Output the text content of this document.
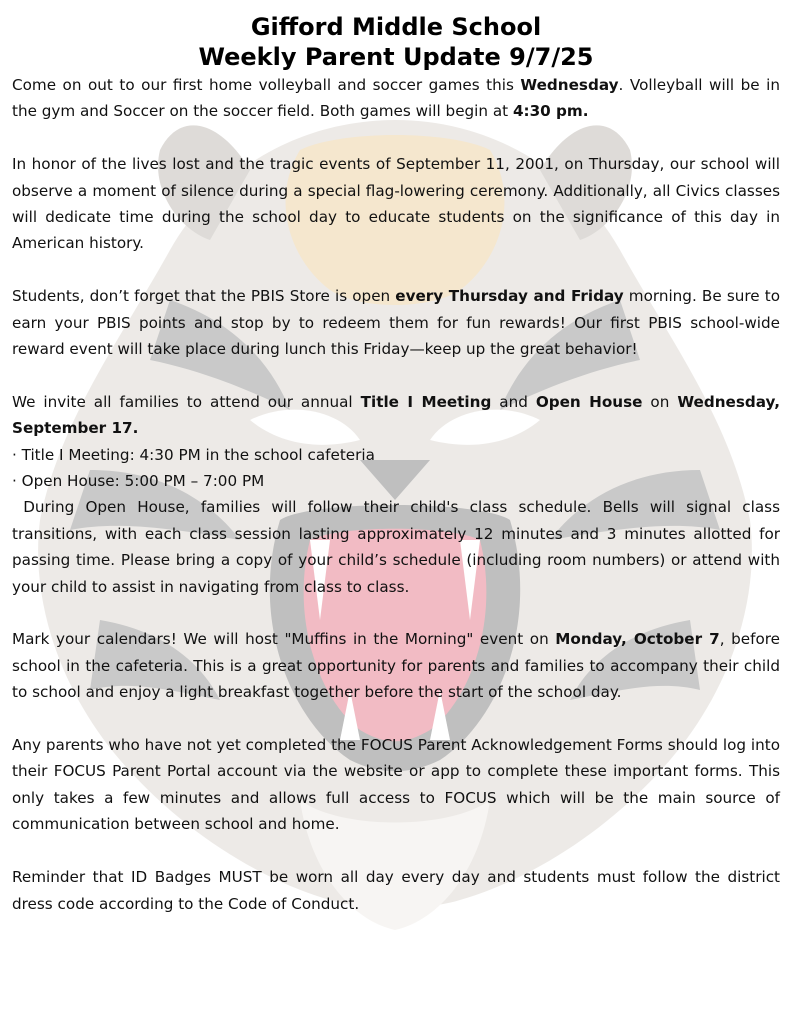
Gifford Middle School
Weekly Parent Update 9/7/25

Come on out to our first home volleyball and soccer games this Wednesday. Volleyball will be in the gym and Soccer on the soccer field. Both games will begin at 4:30 pm.

In honor of the lives lost and the tragic events of September 11, 2001, on Thursday, our school will observe a moment of silence during a special flag-lowering ceremony. Additionally, all Civics classes will dedicate time during the school day to educate students on the significance of this day in American history.

Students, don’t forget that the PBIS Store is open every Thursday and Friday morning. Be sure to earn your PBIS points and stop by to redeem them for fun rewards! Our first PBIS school-wide reward event will take place during lunch this Friday—keep up the great behavior!

We invite all families to attend our annual Title I Meeting and Open House on Wednesday, September 17.

· Title I Meeting: 4:30 PM in the school cafeteria

· Open House: 5:00 PM – 7:00 PM

During Open House, families will follow their child's class schedule. Bells will signal class transitions, with each class session lasting approximately 12 minutes and 3 minutes allotted for passing time. Please bring a copy of your child’s schedule (including room numbers) or attend with your child to assist in navigating from class to class.

Mark your calendars! We will host "Muffins in the Morning" event on Monday, October 7, before school in the cafeteria. This is a great opportunity for parents and families to accompany their child to school and enjoy a light breakfast together before the start of the school day.

Any parents who have not yet completed the FOCUS Parent Acknowledgement Forms should log into their FOCUS Parent Portal account via the website or app to complete these important forms. This only takes a few minutes and allows full access to FOCUS which will be the main source of communication between school and home.

Reminder that ID Badges MUST be worn all day every day and students must follow the district dress code according to the Code of Conduct.
